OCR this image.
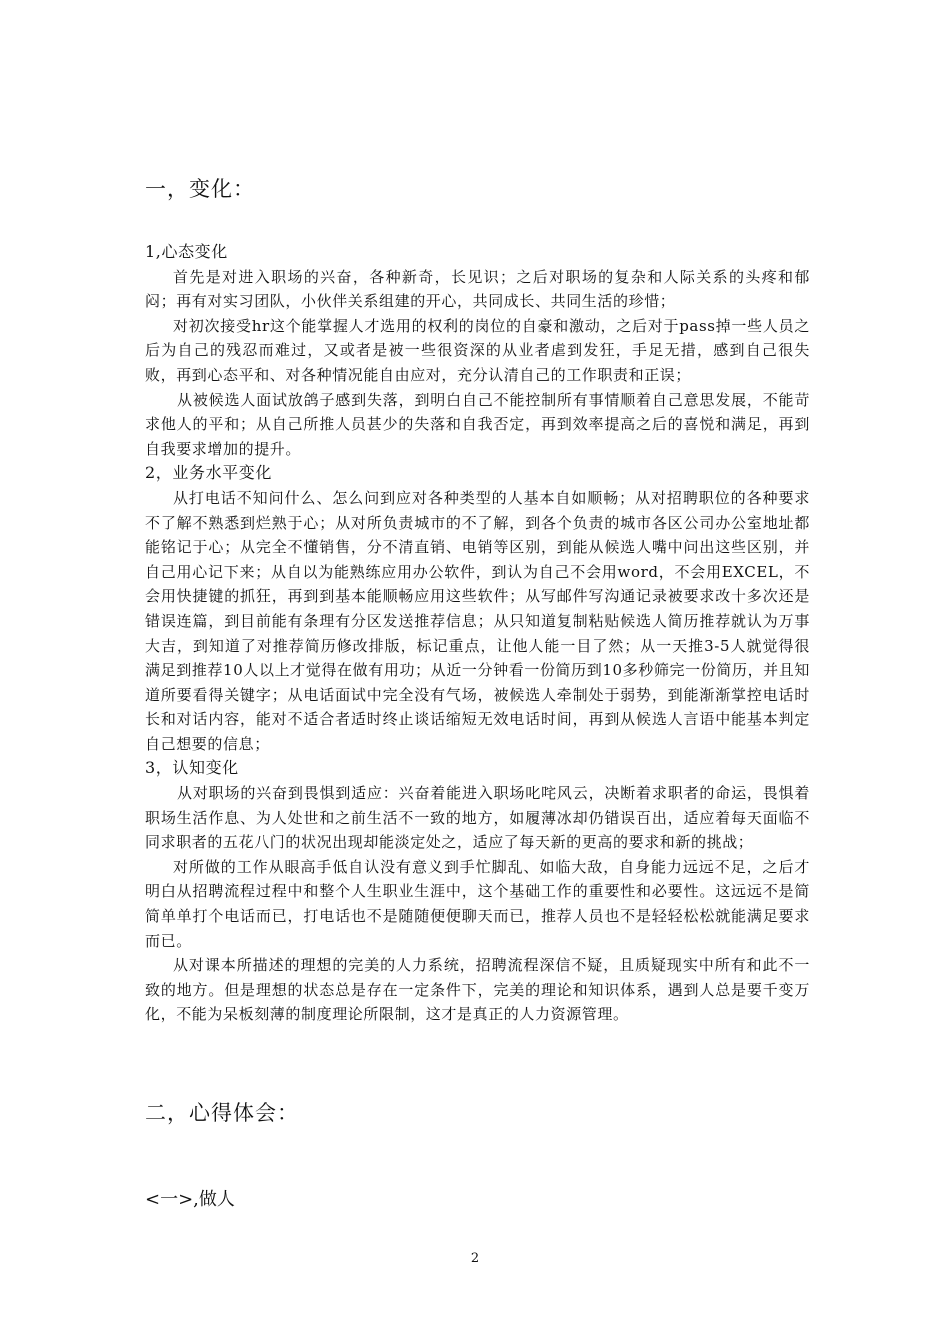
一，变化：

1,心态变化

首先是对进入职场的兴奋，各种新奇，长见识；之后对职场的复杂和人际关系的头疼和郁闷；再有对实习团队，小伙伴关系组建的开心，共同成长、共同生活的珍惜；

对初次接受hr这个能掌握人才选用的权利的岗位的自豪和激动，之后对于pass掉一些人员之后为自己的残忍而难过，又或者是被一些很资深的从业者虐到发狂，手足无措，感到自己很失败，再到心态平和、对各种情况能自由应对，充分认清自己的工作职责和正误；

从被候选人面试放鸽子感到失落，到明白自己不能控制所有事情顺着自己意思发展，不能苛求他人的平和；从自己所推人员甚少的失落和自我否定，再到效率提高之后的喜悦和满足，再到自我要求增加的提升。

2，业务水平变化

从打电话不知问什么、怎么问到应对各种类型的人基本自如顺畅；从对招聘职位的各种要求不了解不熟悉到烂熟于心；从对所负责城市的不了解，到各个负责的城市各区公司办公室地址都能铭记于心；从完全不懂销售，分不清直销、电销等区别，到能从候选人嘴中问出这些区别，并自己用心记下来；从自以为能熟练应用办公软件，到认为自己不会用word，不会用EXCEL，不会用快捷键的抓狂，再到到基本能顺畅应用这些软件；从写邮件写沟通记录被要求改十多次还是错误连篇，到目前能有条理有分区发送推荐信息；从只知道复制粘贴候选人简历推荐就认为万事大吉，到知道了对推荐简历修改排版，标记重点，让他人能一目了然；从一天推3-5人就觉得很满足到推荐10人以上才觉得在做有用功；从近一分钟看一份简历到10多秒筛完一份简历，并且知道所要看得关键字；从电话面试中完全没有气场，被候选人牵制处于弱势，到能渐渐掌控电话时长和对话内容，能对不适合者适时终止谈话缩短无效电话时间，再到从候选人言语中能基本判定自己想要的信息；

3，认知变化

从对职场的兴奋到畏惧到适应：兴奋着能进入职场叱咤风云，决断着求职者的命运，畏惧着职场生活作息、为人处世和之前生活不一致的地方，如履薄冰却仍错误百出，适应着每天面临不同求职者的五花八门的状况出现却能淡定处之，适应了每天新的更高的要求和新的挑战；

对所做的工作从眼高手低自认没有意义到手忙脚乱、如临大敌，自身能力远远不足，之后才明白从招聘流程过程中和整个人生职业生涯中，这个基础工作的重要性和必要性。这远远不是简简单单打个电话而已，打电话也不是随随便便聊天而已，推荐人员也不是轻轻松松就能满足要求而已。

从对课本所描述的理想的完美的人力系统，招聘流程深信不疑，且质疑现实中所有和此不一致的地方。但是理想的状态总是存在一定条件下，完美的理论和知识体系，遇到人总是要千变万化，不能为呆板刻薄的制度理论所限制，这才是真正的人力资源管理。

二，心得体会：
<一>,做人
2
